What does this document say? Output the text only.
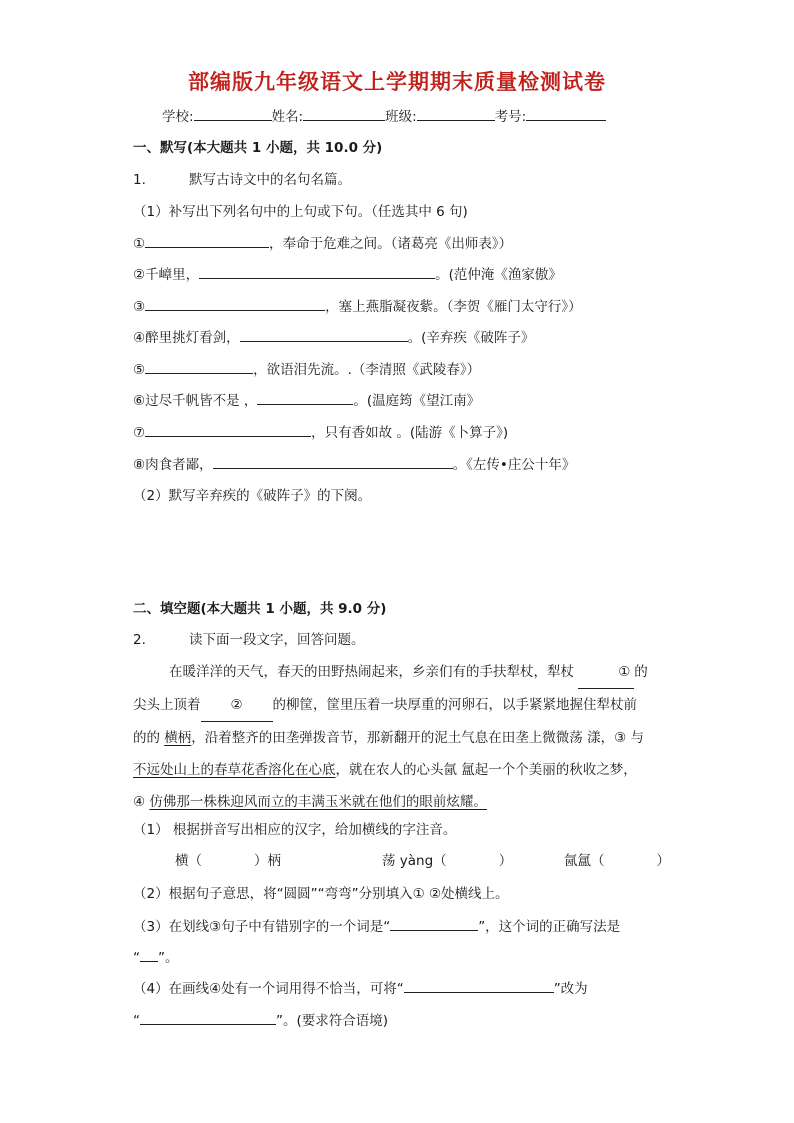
部编版九年级语文上学期期末质量检测试卷
学校:	姓名:	班级:	考号:
一、默写(本大题共 1 小题，共 10.0 分)
1.	默写古诗文中的名句名篇。
（1）补写出下列名句中的上句或下句。（任选其中 6 句)
①	，奉命于危难之间。（诸葛亮《出师表》）
②千嶂里，	。(范仲淹《渔家傲》
③	，塞上燕脂凝夜紫。（李贺《雁门太守行》）
④醉里挑灯看剑，	。(辛弃疾《破阵子》
⑤	，欲语泪先流。.（李清照《武陵春》）
⑥过尽千帆皆不是 ，	。(温庭筠《望江南》
⑦	，只有香如故 。(陆游《卜算子》)
⑧肉食者鄙，	。《左传•庄公十年》
（2）默写辛弃疾的《破阵子》的下阕。
二、填空题(本大题共 1 小题，共 9.0 分)
2.	读下面一段文字，回答问题。
在暖洋洋的天气，春天的田野热闹起来，乡亲们有的手扶犁杖，犁杖	① 的
尖头上顶着 ② 的柳筐，筐里压着一块厚重的河卵石，以手紧紧地握住犁杖前
的的 横柄，沿着整齐的田垄弹拨音节，那新翻开的泥土气息在田垄上微微荡 漾，③ 与
不远处山上的春草花香溶化在心底，就在农人的心头氤 氲起一个个美丽的秋收之梦，
④ 仿佛那一株株迎风而立的丰满玉米就在他们的眼前炫耀。
（1） 根据拼音写出相应的汉字，给加横线的字注音。
横（	）柄	荡 yàng（	）	氤氲（	）
（2）根据句子意思，将“圆圆”“弯弯”分别填入① ②处横线上。
（3）在划线③句子中有错别字的一个词是“	”，这个词的正确写法是
“ ”。
（4）在画线④处有一个词用得不恰当，可将“	”改为
“	”。(要求符合语境)
